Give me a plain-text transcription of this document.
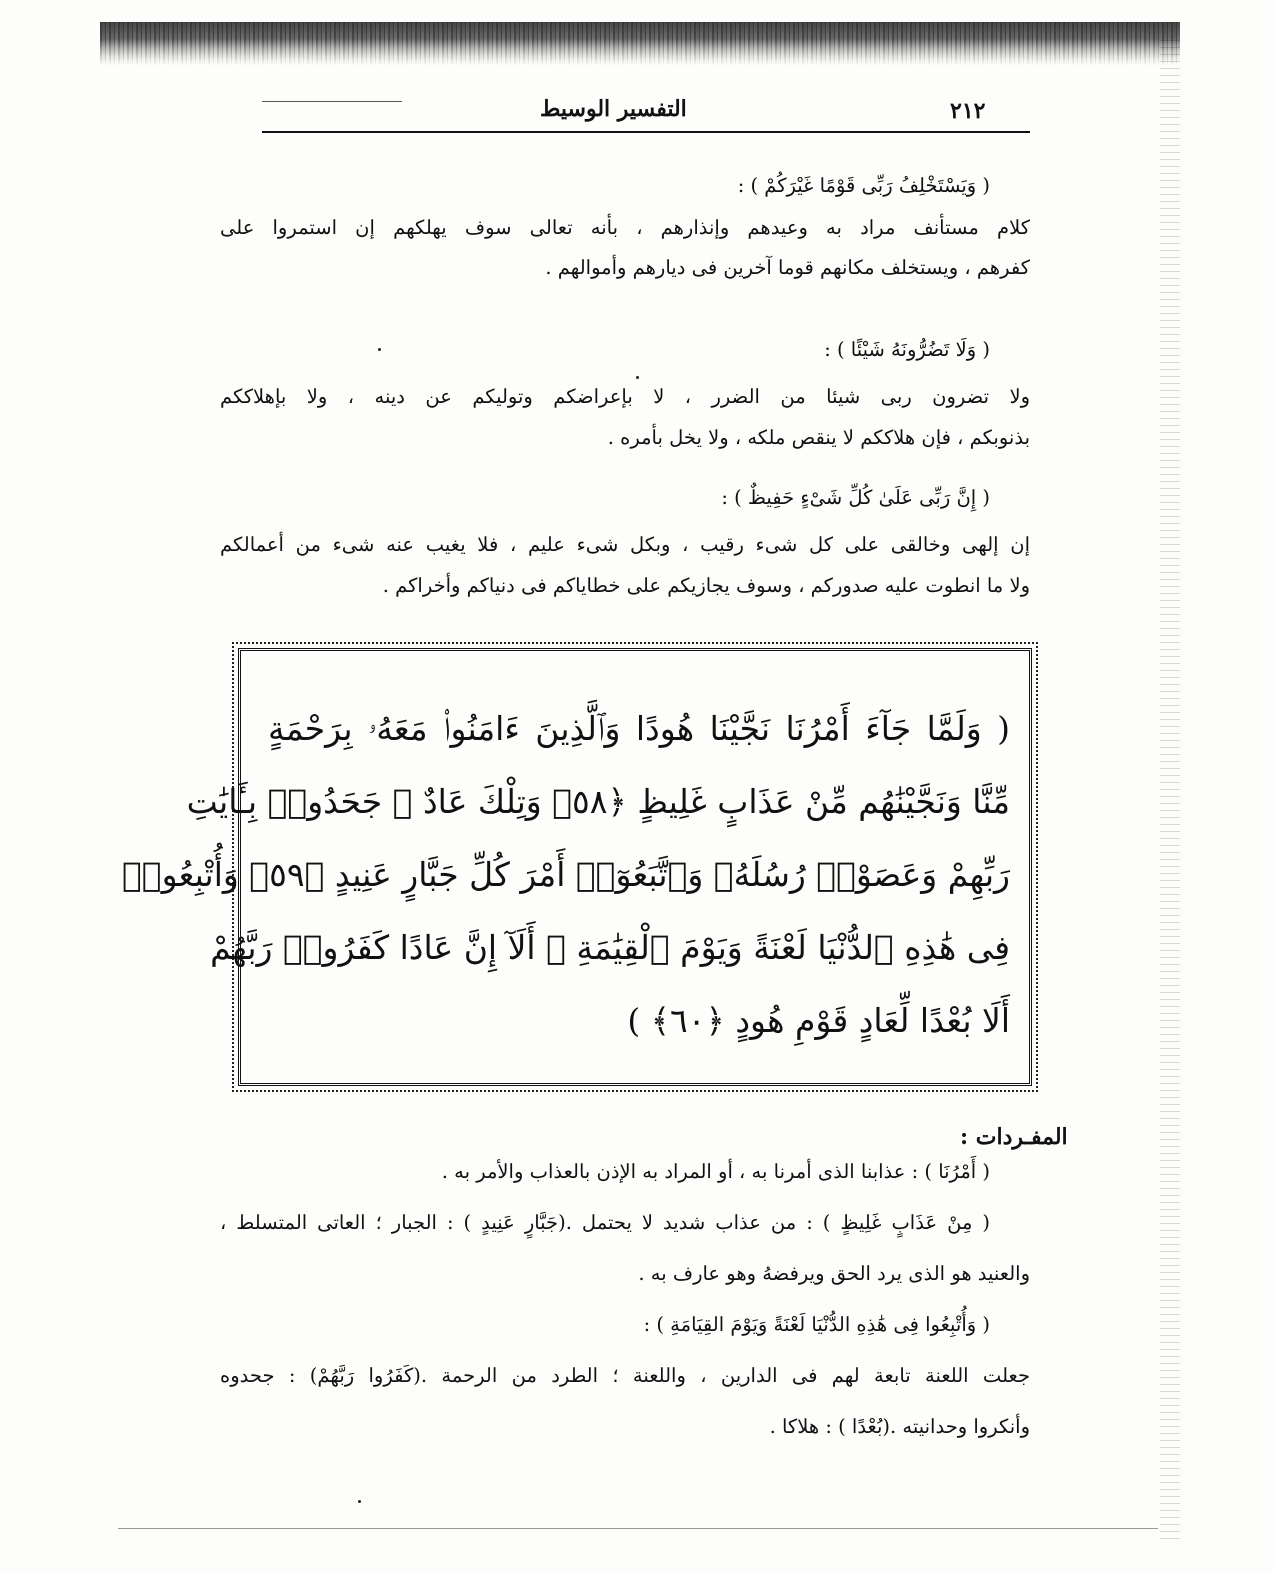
٢١٢
التفسير الوسيط
( وَيَسْتَخْلِفُ رَبِّى قَوْمًا غَيْرَكُمْ ) :
كلام مستأنف مراد به وعيدهم وإنذارهم ، بأنه تعالى سوف يهلكهم إن استمروا على
كفرهم ، ويستخلف مكانهم قوما آخرين فى ديارهم وأموالهم .
( وَلَا تَضُرُّونَهُ شَيْئًا ) :
ولا تضرون ربى شيئا من الضرر ، لا بإعراضكم وتوليكم عن دينه ، ولا بإهلاككم
بذنوبكم ، فإن هلاككم لا ينقص ملكه ، ولا يخل بأمره .
( إِنَّ رَبِّى عَلَىٰ كُلِّ شَىْءٍ حَفِيظٌ ) :
إن إلهى وخالقى على كل شىء رقيب ، وبكل شىء عليم ، فلا يغيب عنه شىء من أعمالكم
ولا ما انطوت عليه صدوركم ، وسوف يجازيكم على خطاياكم فى دنياكم وأخراكم .
( وَلَمَّا جَآءَ أَمْرُنَا نَجَّيْنَا هُودًا وَٱلَّذِينَ ءَامَنُوا۟ مَعَهُۥ بِرَحْمَةٍ
مِّنَّا وَنَجَّيْنَٰهُم مِّنْ عَذَابٍ غَلِيظٍ ﴿٥٨﴾ وَتِلْكَ عَادٌ ۖ جَحَدُوا۟ بِـَٔايَٰتِ
رَبِّهِمْ وَعَصَوْا۟ رُسُلَهُۥ وَٱتَّبَعُوٓا۟ أَمْرَ كُلِّ جَبَّارٍ عَنِيدٍ ﴿٥٩﴾ وَأُتْبِعُوا۟
فِى هَٰذِهِ ٱلدُّنْيَا لَعْنَةً وَيَوْمَ ٱلْقِيَٰمَةِ ۗ أَلَآ إِنَّ عَادًا كَفَرُوا۟ رَبَّهُمْ
أَلَا بُعْدًا لِّعَادٍ قَوْمِ هُودٍ ﴿٦٠﴾ )
المفـردات :
( أَمْرُنَا ) : عذابنا الذى أمرنا به ، أو المراد به الإذن بالعذاب والأمر به .
( مِنْ عَذَابٍ غَلِيظٍ ) : من عذاب شديد لا يحتمل .(جَبَّارٍ عَنِيدٍ ) : الجبار ؛ العاتى المتسلط ،
والعنيد هو الذى يرد الحق ويرفضهُ وهو عارف به .
( وَأُتْبِعُوا فِى هَٰذِهِ الدُّنْيَا لَعْنَةً وَيَوْمَ القِيَامَةِ ) :
جعلت اللعنة تابعة لهم فى الدارين ، واللعنة ؛ الطرد من الرحمة .(كَفَرُوا رَبَّهُمْ) : جحدوه
وأنكروا وحدانيته .(بُعْدًا ) : هلاكا .
